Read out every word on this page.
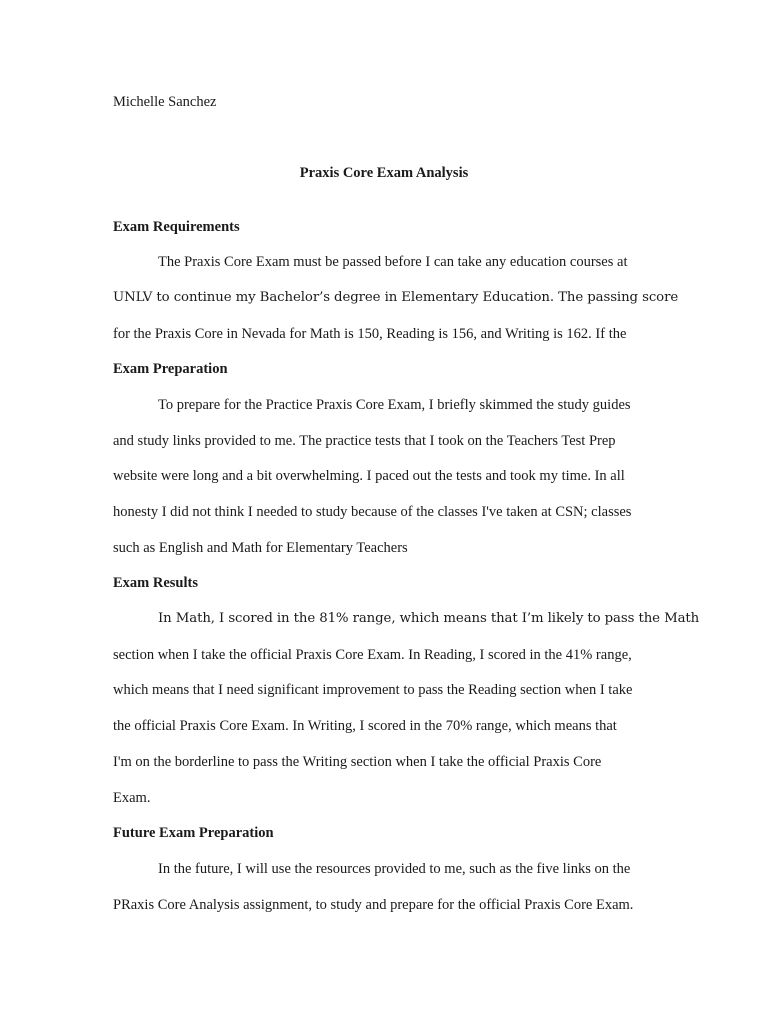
Michelle Sanchez
Praxis Core Exam Analysis
Exam Requirements
The Praxis Core Exam must be passed before I can take any education courses at
UNLV to continue my Bachelor’s degree in Elementary Education. The passing score
for the Praxis Core in Nevada for Math is 150, Reading is 156, and Writing is 162. If the
Exam Preparation
To prepare for the Practice Praxis Core Exam, I briefly skimmed the study guides
and study links provided to me. The practice tests that I took on the Teachers Test Prep
website were long and a bit overwhelming. I paced out the tests and took my time. In all
honesty I did not think I needed to study because of the classes I've taken at CSN; classes
such as English and Math for Elementary Teachers
Exam Results
In Math, I scored in the 81% range, which means that I’m likely to pass the Math
section when I take the official Praxis Core Exam. In Reading, I scored in the 41% range,
which means that I need significant improvement to pass the Reading section when I take
the official Praxis Core Exam. In Writing, I scored in the 70% range, which means that
I'm on the borderline to pass the Writing section when I take the official Praxis Core
Exam.
Future Exam Preparation
In the future, I will use the resources provided to me, such as the five links on the
PRaxis Core Analysis assignment, to study and prepare for the official Praxis Core Exam.
